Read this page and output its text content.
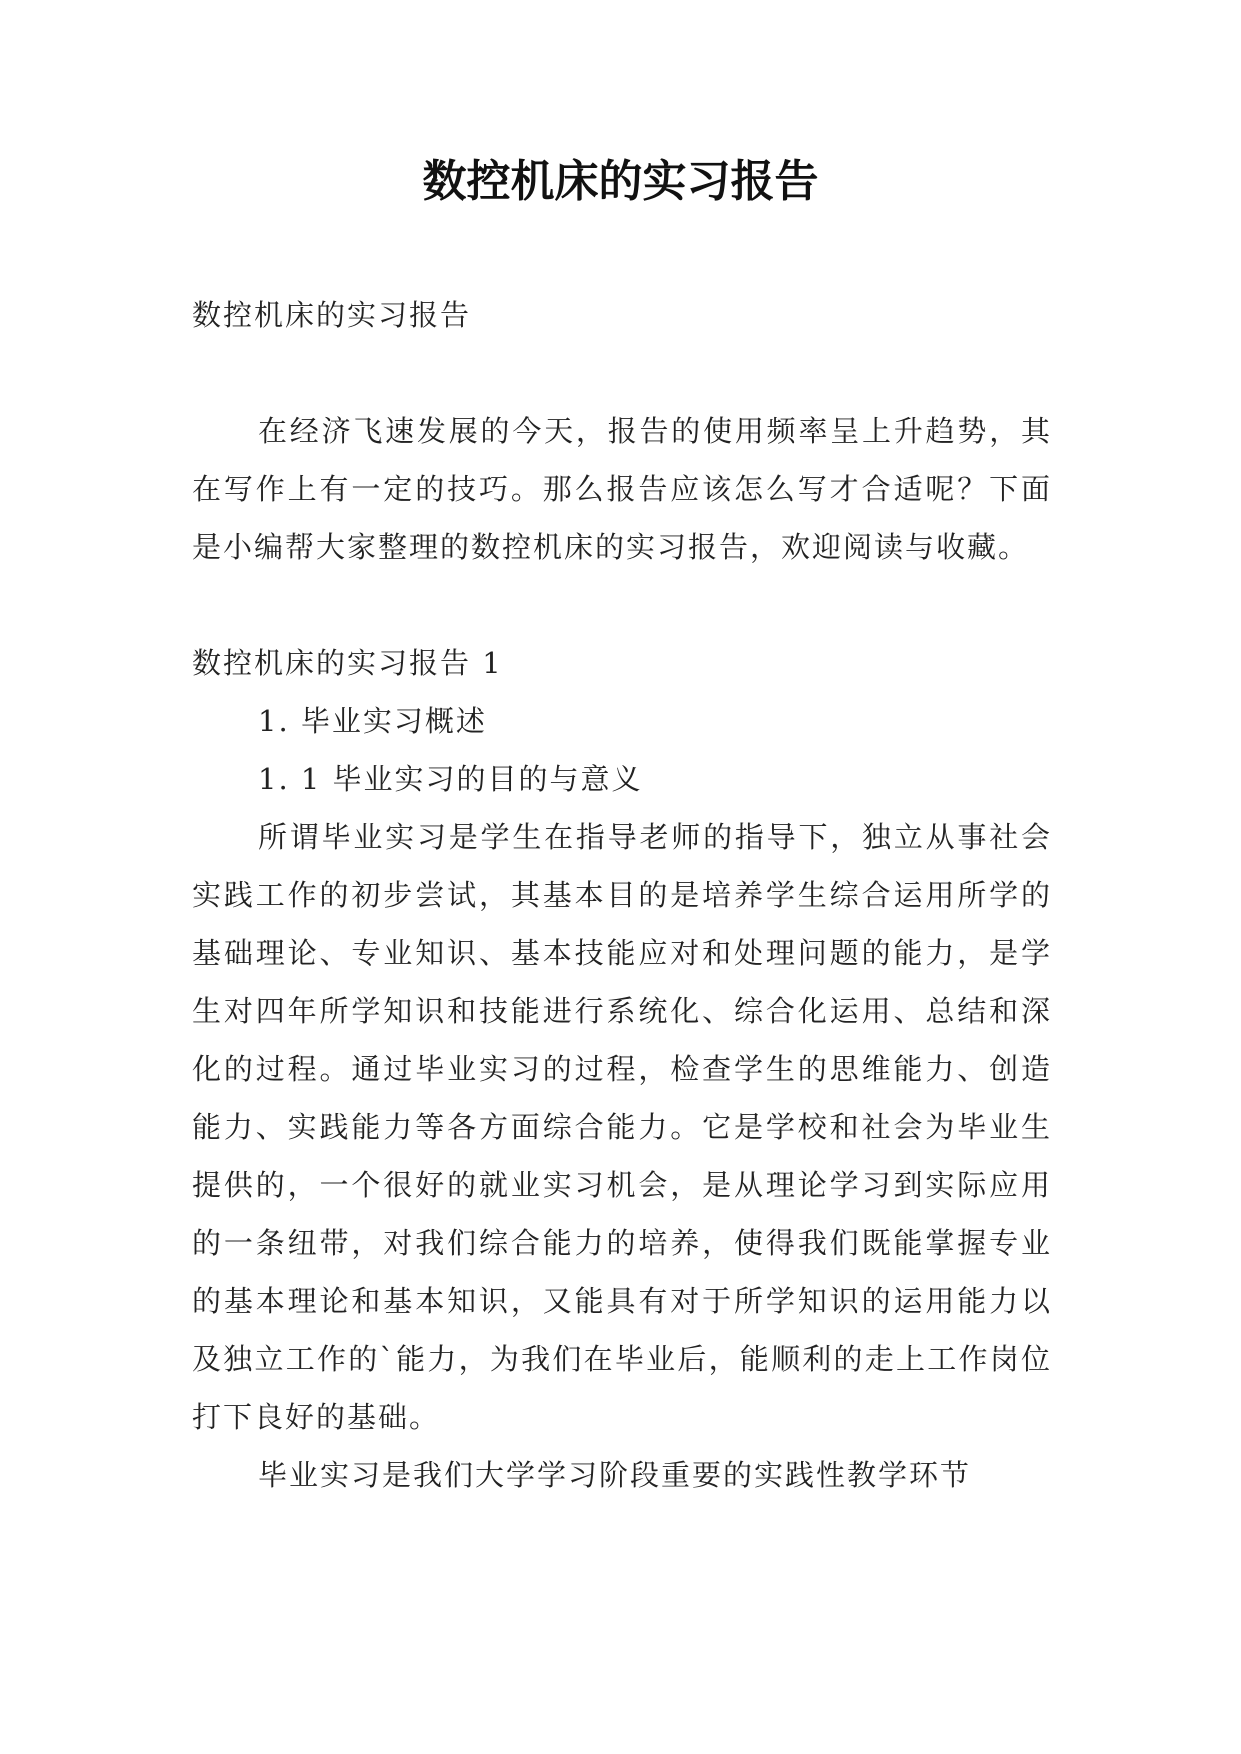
数控机床的实习报告

数控机床的实习报告

在经济飞速发展的今天，报告的使用频率呈上升趋势，其在写作上有一定的技巧。那么报告应该怎么写才合适呢？下面是小编帮大家整理的数控机床的实习报告，欢迎阅读与收藏。

数控机床的实习报告 1

1. 毕业实习概述

1. 1 毕业实习的目的与意义

所谓毕业实习是学生在指导老师的指导下，独立从事社会实践工作的初步尝试，其基本目的是培养学生综合运用所学的基础理论、专业知识、基本技能应对和处理问题的能力，是学生对四年所学知识和技能进行系统化、综合化运用、总结和深化的过程。通过毕业实习的过程，检查学生的思维能力、创造能力、实践能力等各方面综合能力。它是学校和社会为毕业生提供的，一个很好的就业实习机会，是从理论学习到实际应用的一条纽带，对我们综合能力的培养，使得我们既能掌握专业的基本理论和基本知识，又能具有对于所学知识的运用能力以及独立工作的`能力，为我们在毕业后，能顺利的走上工作岗位打下良好的基础。

毕业实习是我们大学学习阶段重要的实践性教学环节
